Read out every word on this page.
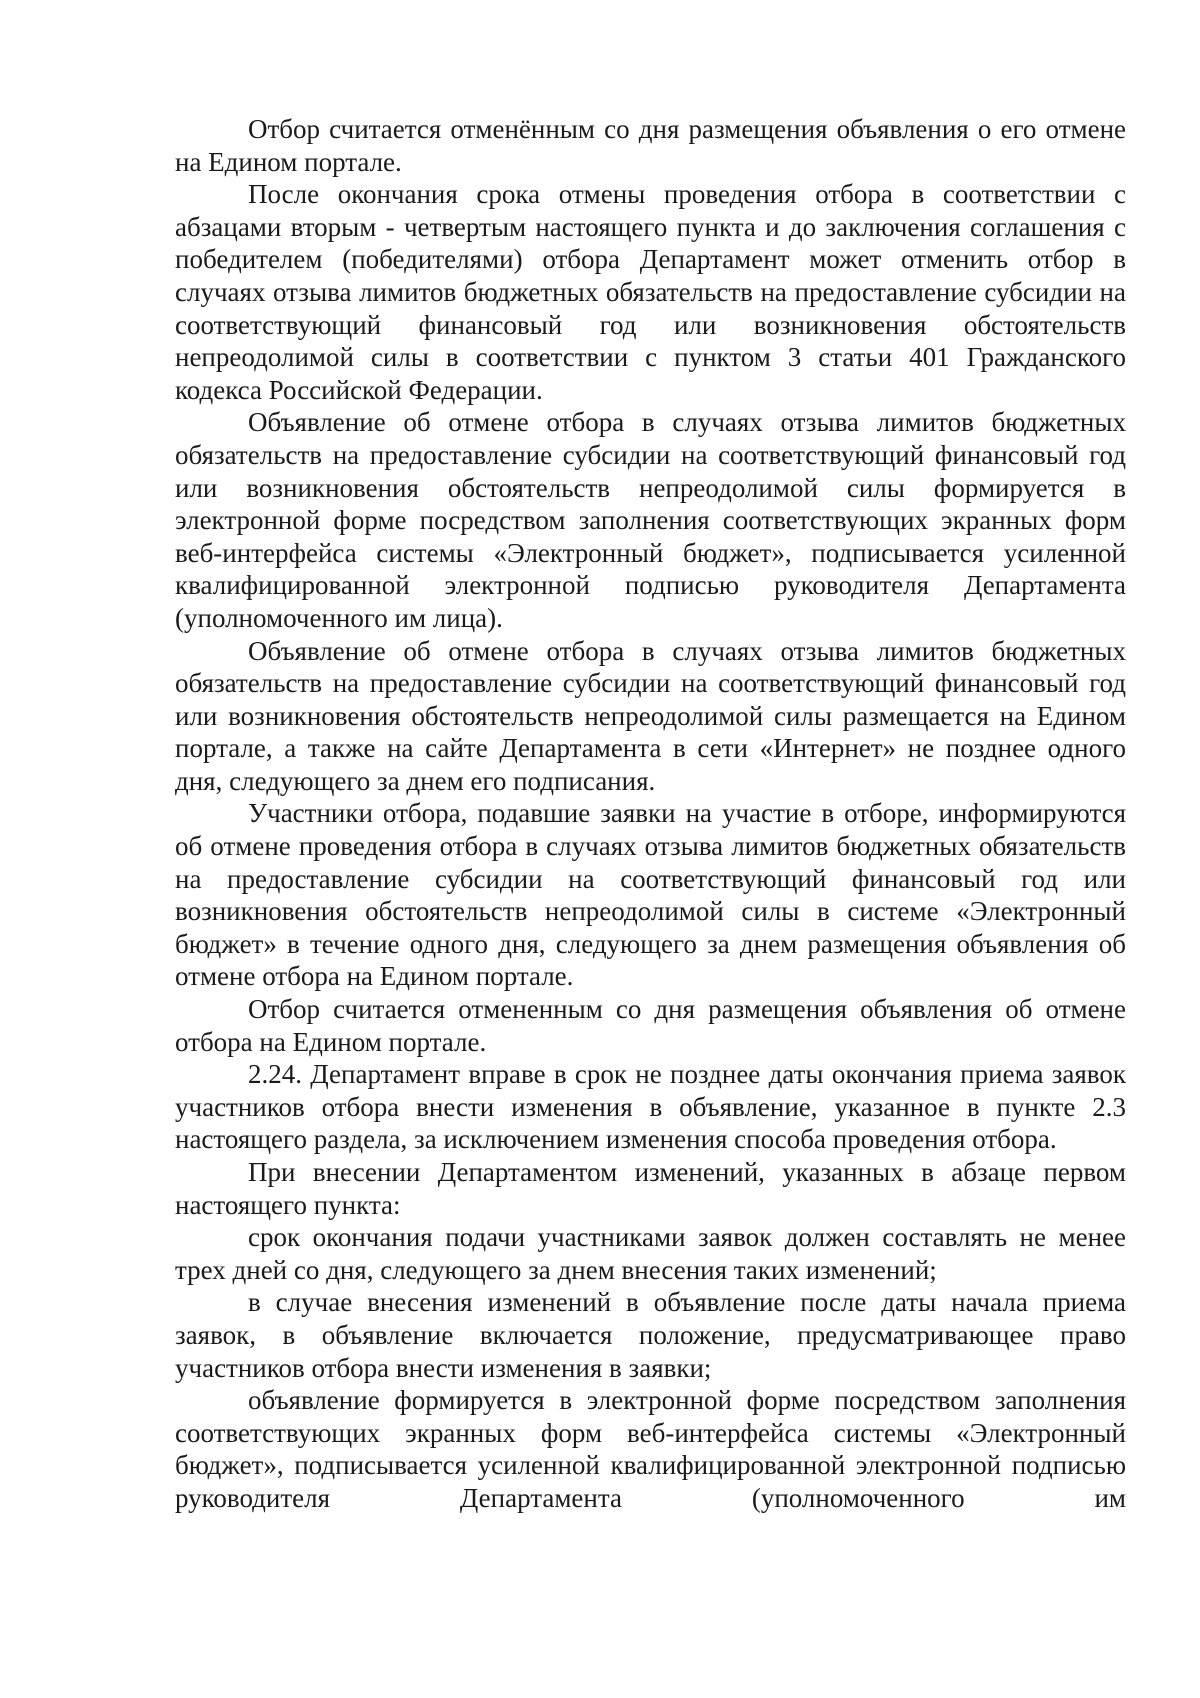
Отбор считается отменённым со дня размещения объявления о его отмене на Едином портале.

После окончания срока отмены проведения отбора в соответствии с абзацами вторым - четвертым настоящего пункта и до заключения соглашения с победителем (победителями) отбора Департамент может отменить отбор в случаях отзыва лимитов бюджетных обязательств на предоставление субсидии на соответствующий финансовый год или возникновения обстоятельств непреодолимой силы в соответствии с пунктом 3 статьи 401 Гражданского кодекса Российской Федерации.

Объявление об отмене отбора в случаях отзыва лимитов бюджетных обязательств на предоставление субсидии на соответствующий финансовый год или возникновения обстоятельств непреодолимой силы формируется в электронной форме посредством заполнения соответствующих экранных форм веб-интерфейса системы «Электронный бюджет», подписывается усиленной квалифицированной электронной подписью руководителя Департамента (уполномоченного им лица).

Объявление об отмене отбора в случаях отзыва лимитов бюджетных обязательств на предоставление субсидии на соответствующий финансовый год или возникновения обстоятельств непреодолимой силы размещается на Едином портале, а также на сайте Департамента в сети «Интернет» не позднее одного дня, следующего за днем его подписания.

Участники отбора, подавшие заявки на участие в отборе, информируются об отмене проведения отбора в случаях отзыва лимитов бюджетных обязательств на предоставление субсидии на соответствующий финансовый год или возникновения обстоятельств непреодолимой силы в системе «Электронный бюджет» в течение одного дня, следующего за днем размещения объявления об отмене отбора на Едином портале.

Отбор считается отмененным со дня размещения объявления об отмене отбора на Едином портале.

2.24. Департамент вправе в срок не позднее даты окончания приема заявок участников отбора внести изменения в объявление, указанное в пункте 2.3 настоящего раздела, за исключением изменения способа проведения отбора.

При внесении Департаментом изменений, указанных в абзаце первом настоящего пункта:

срок окончания подачи участниками заявок должен составлять не менее трех дней со дня, следующего за днем внесения таких изменений;

в случае внесения изменений в объявление после даты начала приема заявок, в объявление включается положение, предусматривающее право участников отбора внести изменения в заявки;

объявление формируется в электронной форме посредством заполнения соответствующих экранных форм веб-интерфейса системы «Электронный бюджет», подписывается усиленной квалифицированной электронной подписью руководителя Департамента (уполномоченного им
